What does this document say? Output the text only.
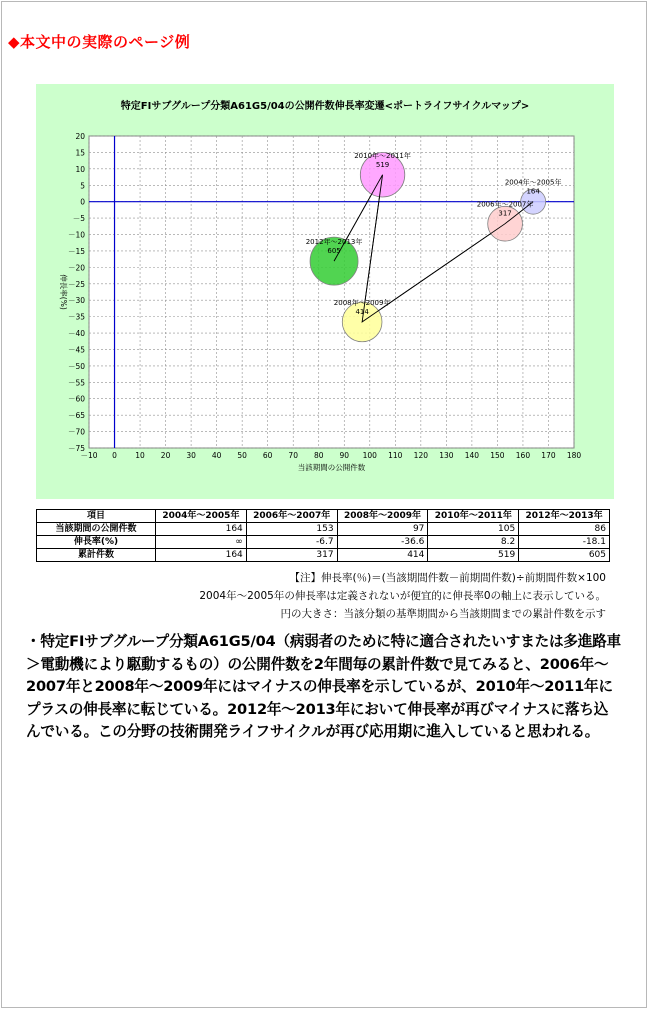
◆本文中の実際のページ例
特定FIサブグループ分類A61G5/04の公開件数伸長率変遷<ポートライフサイクルマップ>
－10 0 10 20 30 40 50 60 70 80 90 100 110 120 130 140 150 160 170 180
20
15
10
5
0
－5
－10
－15
－20
－25
－30
－35
－40
－45
－50
－55
－60
－65
－70
－75
当該期間の公開件数
伸長率(%)
2004年～2005年
164
2006年～2007年
317
2008年～2009年
414
2010年～2011年
519
2012年～2013年
605
項目	2004年～2005年	2006年～2007年	2008年～2009年	2010年～2011年	2012年～2013年
当該期間の公開件数	164	153	97	105	86
伸長率(%)	∞	-6.7	-36.6	8.2	-18.1
累計件数	164	317	414	519	605
【注】伸長率(％)＝(当該期間件数－前期間件数)÷前期間件数×100
2004年～2005年の伸長率は定義されないが便宜的に伸長率0の軸上に表示している。
円の大きさ：当該分類の基準期間から当該期間までの累計件数を示す
・特定FIサブグループ分類A61G5/04（病弱者のために特に適合されたいすまたは多進路車＞電動機により駆動するもの）の公開件数を2年間毎の累計件数で見てみると、2006年～2007年と2008年～2009年にはマイナスの伸長率を示しているが、2010年～2011年にプラスの伸長率に転じている。2012年～2013年において伸長率が再びマイナスに落ち込んでいる。この分野の技術開発ライフサイクルが再び応用期に進入していると思われる。
